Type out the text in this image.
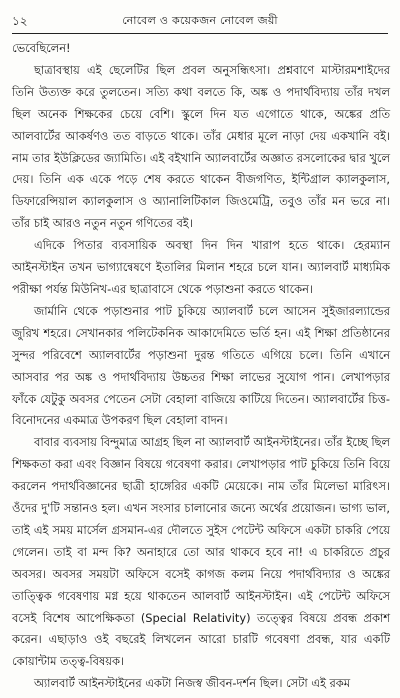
১২	নোবেল ও কয়েকজন নোবেল জয়ী

ভেবেছিলেন!

ছাত্রাবস্থায় এই ছেলেটির ছিল প্রবল অনুসন্ধিৎসা। প্রশ্নবাণে মাস্টারমশাইদের তিনি উত্যক্ত করে তুলতেন। সত্যি কথা বলতে কি, অঙ্ক ও পদার্থবিদ্যায় তাঁর দখল ছিল অনেক শিক্ষকের চেয়ে বেশি। স্কুলে দিন যত এগোতে থাকে, অঙ্কের প্রতি আলবার্টের আকর্ষণও তত বাড়তে থাকে। তাঁর মেধার মূলে নাড়া দেয় একখানি বই। নাম তার ইউক্লিডের জ্যামিতি। এই বইখানি অ্যালবার্টের অজ্ঞাত রসলোকের দ্বার খুলে দেয়। তিনি এক একে পড়ে শেষ করতে থাকেন বীজগণিত, ইন্টিগ্রাল ক্যালকুলাস, ডিফারেন্সিয়াল ক্যালকুলাস ও অ্যানালিটিকাল জিওমেট্রি, তবুও তাঁর মন ভরে না। তাঁর চাই আরও নতুন নতুন গণিতের বই।

এদিকে পিতার ব্যবসায়িক অবস্থা দিন দিন খারাপ হতে থাকে। হেরম্যান আইনস্টাইন তখন ভাগ্যান্বেষণে ইতালির মিলান শহরে চলে যান। অ্যালবার্ট মাধ্যমিক পরীক্ষা পর্যন্ত মিউনিখ-এর ছাত্রাবাসে থেকে পড়াশুনা করতে থাকেন।

জার্মানি থেকে পড়াশুনার পাট চুকিয়ে অ্যালবার্ট চলে আসেন সুইজারল্যান্ডের জুরিখ শহরে। সেখানকার পলিটেকনিক আকাদেমিতে ভর্তি হন। এই শিক্ষা প্রতিষ্ঠানের সুন্দর পরিবেশে অ্যালবার্টের পড়াশুনা দুরন্ত গতিতে এগিয়ে চলে। তিনি এখানে আসবার পর অঙ্ক ও পদার্থবিদ্যায় উচ্চতর শিক্ষা লাভের সুযোগ পান। লেখাপড়ার ফাঁকে যেটুকু অবসর পেতেন সেটা বেহালা বাজিয়ে কাটিয়ে দিতেন। অ্যালবার্টের চিত্ত-বিনোদনের একমাত্র উপকরণ ছিল বেহালা বাদন।

বাবার ব্যবসায় বিন্দুমাত্র আগ্রহ ছিল না অ্যালবার্ট আইনস্টাইনের। তাঁর ইচ্ছে ছিল শিক্ষকতা করা এবং বিজ্ঞান বিষয়ে গবেষণা করার। লেখাপড়ার পাট চুকিয়ে তিনি বিয়ে করলেন পদার্থবিজ্ঞানের ছাত্রী হাঙ্গেরির একটি মেয়েকে। নাম তাঁর মিলেভা মারিৎস। ওঁদের দু'টি সন্তানও হল। এখন সংসার চালানোর জন্যে অর্থের প্রয়োজন। ভাগ্য ভাল, তাই এই সময় মার্সেল গ্রসমান-এর দৌলতে সুইস পেটেন্ট অফিসে একটা চাকরি পেয়ে গেলেন। তাই বা মন্দ কি? অনাহারে তো আর থাকবে হবে না! এ চাকরিতে প্রচুর অবসর। অবসর সময়টা অফিসে বসেই কাগজ কলম নিয়ে পদার্থবিদ্যার ও অঙ্কের তাত্ত্বিক গবেষণায় মগ্ন হয়ে থাকতেন আলবার্ট আইনস্টাইন। এই পেটেন্ট অফিসে বসেই বিশেষ আপেক্ষিকতা (Special Relativity) তত্ত্বের বিষয়ে প্রবন্ধ প্রকাশ করেন। এছাড়াও ওই বছরেই লিখলেন আরো চারটি গবেষণা প্রবন্ধ, যার একটি কোয়ান্টাম তত্ত্ব-বিষয়ক।

অ্যালবার্ট আইনস্টাইনের একটা নিজস্ব জীবন-দর্শন ছিল। সেটা এই রকম
